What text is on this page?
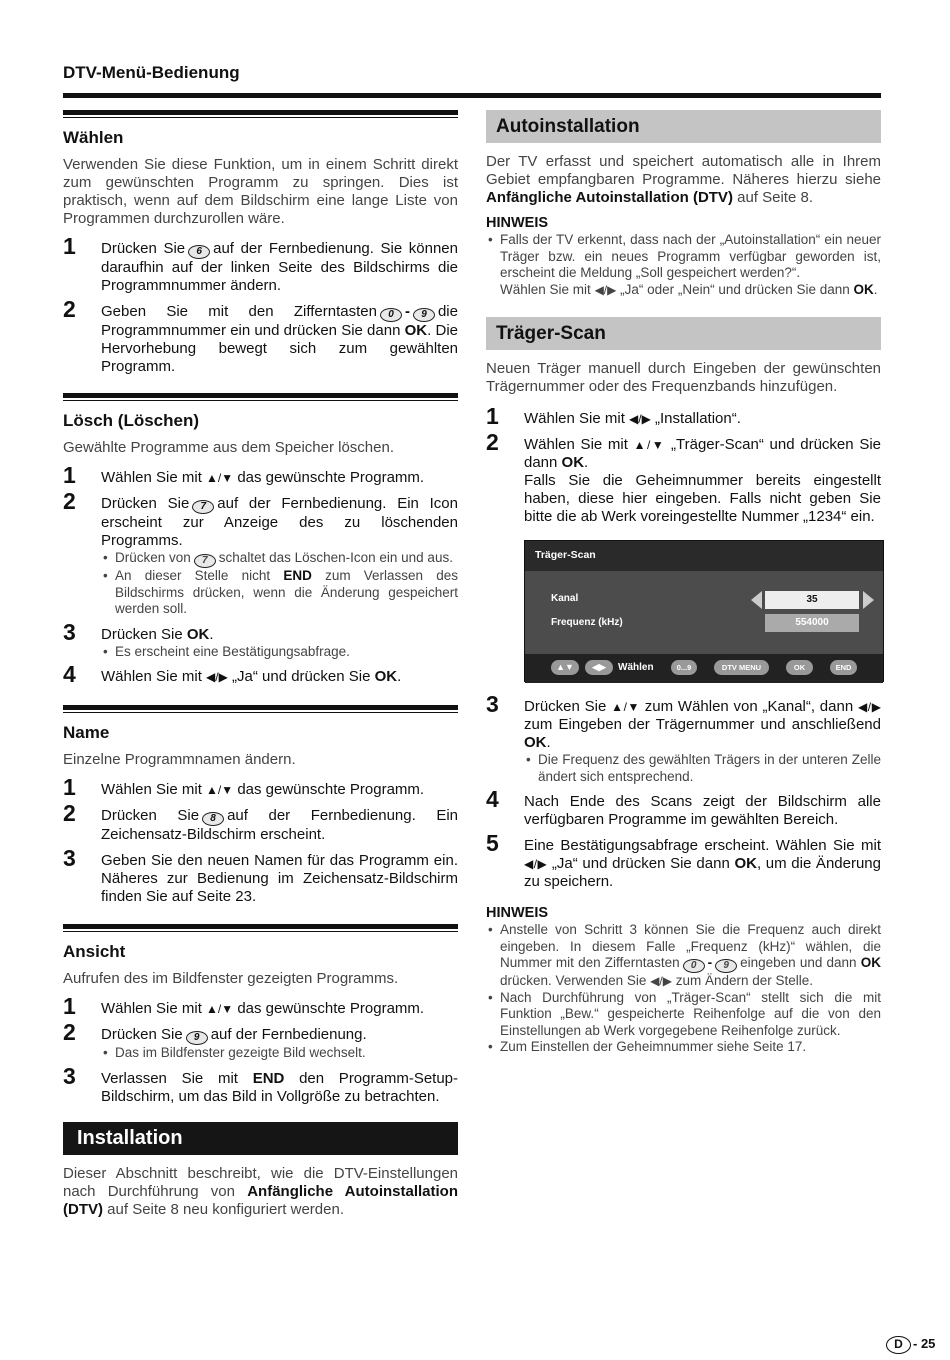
DTV-Menü-Bedienung
Wählen
Verwenden Sie diese Funktion, um in einem Schritt direkt zum gewünschten Programm zu springen. Dies ist praktisch, wenn auf dem Bildschirm eine lange Liste von Programmen durchzurollen wäre.
1 Drücken Sie 6 auf der Fernbedienung. Sie können daraufhin auf der linken Seite des Bildschirms die Programmnummer ändern.
2 Geben Sie mit den Zifferntasten 0 - 9 die Programmnummer ein und drücken Sie dann OK. Die Hervorhebung bewegt sich zum gewählten Programm.
Lösch (Löschen)
Gewählte Programme aus dem Speicher löschen.
1 Wählen Sie mit ▲/▼ das gewünschte Programm.
2 Drücken Sie 7 auf der Fernbedienung. Ein Icon erscheint zur Anzeige des zu löschenden Programms.
• Drücken von 7 schaltet das Löschen-Icon ein und aus.
• An dieser Stelle nicht END zum Verlassen des Bildschirms drücken, wenn die Änderung gespeichert werden soll.
3 Drücken Sie OK.
• Es erscheint eine Bestätigungsabfrage.
4 Wählen Sie mit ◀/▶ „Ja“ und drücken Sie OK.
Name
Einzelne Programmnamen ändern.
1 Wählen Sie mit ▲/▼ das gewünschte Programm.
2 Drücken Sie 8 auf der Fernbedienung. Ein Zeichensatz-Bildschirm erscheint.
3 Geben Sie den neuen Namen für das Programm ein. Näheres zur Bedienung im Zeichensatz-Bildschirm finden Sie auf Seite 23.
Ansicht
Aufrufen des im Bildfenster gezeigten Programms.
1 Wählen Sie mit ▲/▼ das gewünschte Programm.
2 Drücken Sie 9 auf der Fernbedienung.
• Das im Bildfenster gezeigte Bild wechselt.
3 Verlassen Sie mit END den Programm-Setup-Bildschirm, um das Bild in Vollgröße zu betrachten.
Installation
Dieser Abschnitt beschreibt, wie die DTV-Einstellungen nach Durchführung von Anfängliche Autoinstallation (DTV) auf Seite 8 neu konfiguriert werden.
Autoinstallation
Der TV erfasst und speichert automatisch alle in Ihrem Gebiet empfangbaren Programme. Näheres hierzu siehe Anfängliche Autoinstallation (DTV) auf Seite 8.
HINWEIS
• Falls der TV erkennt, dass nach der „Autoinstallation“ ein neuer Träger bzw. ein neues Programm verfügbar geworden ist, erscheint die Meldung „Soll gespeichert werden?“.
Wählen Sie mit ◀/▶ „Ja“ oder „Nein“ und drücken Sie dann OK.
Träger-Scan
Neuen Träger manuell durch Eingeben der gewünschten Trägernummer oder des Frequenzbands hinzufügen.
1 Wählen Sie mit ◀/▶ „Installation“.
2 Wählen Sie mit ▲/▼ „Träger-Scan“ und drücken Sie dann OK.
Falls Sie die Geheimnummer bereits eingestellt haben, diese hier eingeben. Falls nicht geben Sie bitte die ab Werk voreingestellte Nummer „1234“ ein.
Träger-Scan
Kanal	35
Frequenz (kHz)	554000
▲▼	◀▶	Wählen	0...9	DTV MENU	OK	END
3 Drücken Sie ▲/▼ zum Wählen von „Kanal“, dann ◀/▶ zum Eingeben der Trägernummer und anschließend OK.
• Die Frequenz des gewählten Trägers in der unteren Zelle ändert sich entsprechend.
4 Nach Ende des Scans zeigt der Bildschirm alle verfügbaren Programme im gewählten Bereich.
5 Eine Bestätigungsabfrage erscheint. Wählen Sie mit ◀/▶ „Ja“ und drücken Sie dann OK, um die Änderung zu speichern.
HINWEIS
• Anstelle von Schritt 3 können Sie die Frequenz auch direkt eingeben. In diesem Falle „Frequenz (kHz)“ wählen, die Nummer mit den Zifferntasten 0 - 9 eingeben und dann OK drücken. Verwenden Sie ◀/▶ zum Ändern der Stelle.
• Nach Durchführung von „Träger-Scan“ stellt sich die mit Funktion „Bew.“ gespeicherte Reihenfolge auf die von den Einstellungen ab Werk vorgegebene Reihenfolge zurück.
• Zum Einstellen der Geheimnummer siehe Seite 17.
D - 25
